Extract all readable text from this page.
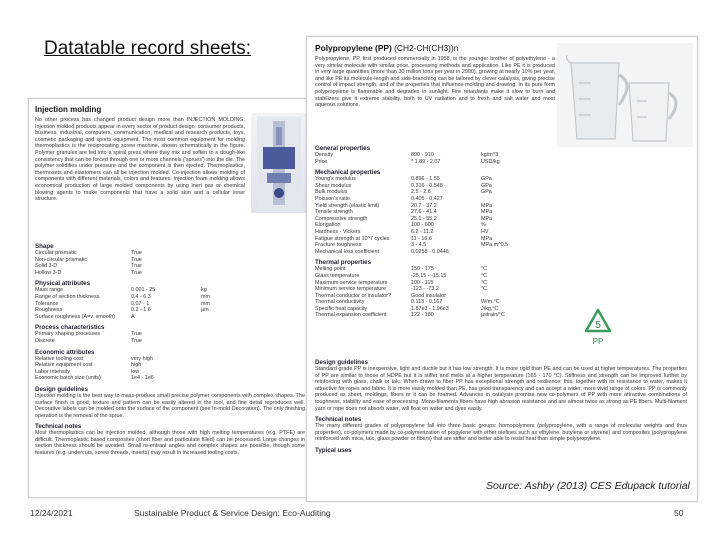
Datatable record sheets:
Injection molding
No other process has changed product design more than INJECTION MOLDING. Injection molded products appear in every sector of product design: consumer products, business, industrial, computers, communication, medical and research products, toys, cosmetic packaging and sports equipment. The most common equipment for molding thermoplastics is the reciprocating screw machine, shown schematically in the figure. Polymer granules are fed into a spiral press where they mix and soften to a dough-like consistency that can be forced through one or more channels ('sprues') into the die. The polymer solidifies under pressure and the component is then ejected. Thermoplastics, thermosets and elastomers can all be injection molded. Co-injection allows molding of components with different materials, colors and features. Injection foam molding allows economical production of large molded components by using inert gas or chemical blowing agents to make components that have a solid skin and a cellular inner structure.
Shape
Circular prismatic	True
Non-circular prismatic	True
Solid 3-D	True
Hollow 3-D	True
Physical attributes
Mass range	0.001 - 25	kg
Range of section thickness	0.4 - 6.3	mm
Tolerance	0.07 - 1	mm
Roughness	0.2 - 1.6	µm
Surface roughness (A=v. smooth)	A
Process characteristics
Primary shaping processes	True
Discrete	True
Economic attributes
Relative tooling cost	very high
Relative equipment cost	high
Labor intensity	low
Economic batch size (units)	1e4 - 1e6
Design guidelines
Injection molding is the best way to mass-produce small precise polymer components with complex shapes. The surface finish is good; texture and pattern can be easily altered in the tool, and fine detail reproduces well. Decorative labels can be molded onto the surface of the component (see In-mold Decoration). The only finishing operation is the removal of the sprue.
Technical notes
Most thermoplastics can be injection molded, although those with high melting temperatures (e.g. PTFE) are difficult. Thermoplastic based composites (short fiber and particulate filled) can be processed. Large changes in section thickness should be avoided. Small re-entrant angles and complex shapes are possible, though some features (e.g. undercuts, screw threads, inserts) may result in increased tooling costs.
Polypropylene (PP) (CH2-CH(CH3))n
Polypropylene, PP, first produced commercially in 1958, is the younger brother of polyethylene - a very similar molecule with similar price, processing methods and application. Like PE it is produced in very large quantities (more than 30 million tons per year in 2000), growing at nearly 10% per year, and like PE its molecule-length and side-branching can be tailored by clever catalysis, giving precise control of impact strength, and of the properties that influence molding and drawing. In its pure form polypropylene is flammable and degrades in sunlight. Fire retardants make it slow to burn and stabilizers give it extreme stability, both to UV radiation and to fresh and salt water and most aqueous solutions.
General properties
Density	890 - 910	kg/m^3
Price	* 1.89 - 2.07	USD/kg
Mechanical properties
Young's modulus	0.896 - 1.55	GPa
Shear modulus	0.316 - 0.548	GPa
Bulk modulus	2.5 - 2.6	GPa
Poisson's ratio	0.405 - 0.427
Yield strength (elastic limit)	20.7 - 37.2	MPa
Tensile strength	27.6 - 41.4	MPa
Compressive strength	25.1 - 55.2	MPa
Elongation	100 - 600	%
Hardness - Vickers	6.2 - 11.2	HV
Fatigue strength at 10^7 cycles	11 - 16.6	MPa
Fracture toughness	3 - 4.5	MPa.m^0.5
Mechanical loss coefficient	0.0258 - 0.0446
Thermal properties
Melting point	150 - 175	°C
Glass temperature	-25.15 - -15.15	°C
Maximum service temperature	100 - 115	°C
Minimum service temperature	-123 - -73.2	°C
Thermal conductor or insulator?	Good insulator
Thermal conductivity	0.113 - 0.167	W/m.°C
Specific heat capacity	1.87e3 - 1.96e3	J/kg.°C
Thermal expansion coefficient	122 - 180	µstrain/°C
5
PP
Design guidelines
Standard grade PP is inexpensive, light and ductile but it has low strength. It is more rigid than PE and can be used at higher temperatures. The properties of PP are similar to those of HDPE but it is stiffer and melts at a higher temperature (165 - 170 °C). Stiffness and strength can be improved further by reinforcing with glass, chalk or talc. When drawn to fiber PP has exceptional strength and resilience; this, together with its resistance to water, makes it attractive for ropes and fabric. It is more easily molded than PE, has good transparency and can accept a wider, more vivid range of colors. PP is commonly produced as sheet, moldings, fibers or it can be foamed. Advances in catalysis promise new co-polymers of PP with more attractive combinations of toughness, stability and ease of processing. Mono-filaments fibers have high abrasion resistance and are almost twice as strong as PE fibers. Multi-filament yarn or rope does not absorb water, will float on water and dyes easily.
Technical notes
The many different grades of polypropylene fall into three basic groups: homopolymers (polypropylene, with a range of molecular weights and thus properties), co-polymers made by co-polymerization of propylene with other olefines such as ethylene, butylene or styrene) and composites (polypropylene reinforced with mica, talc, glass powder or fibers) that are stiffer and better able to resist heat than simple polypropylene.
Typical uses
Source: Ashby (2013) CES Edupack tutorial
12/24/2021	Sustainable Product & Service Design: Eco-Auditing	50
